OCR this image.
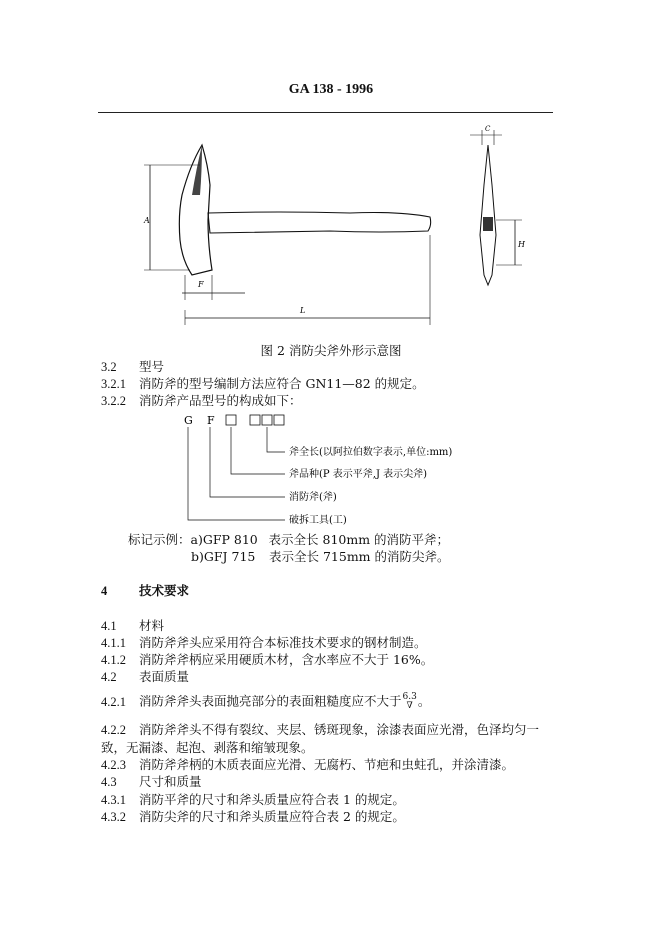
GA 138 - 1996
A
F
L
C
H
图 2 消防尖斧外形示意图
3.2 型号
3.2.1 消防斧的型号编制方法应符合 GN11—82 的规定。
3.2.2 消防斧产品型号的构成如下：
G F
斧全长(以阿拉伯数字表示,单位:mm)
斧品种(P 表示平斧,J 表示尖斧)
消防斧(斧)
破拆工具(工)
标记示例：a)GFP 810 表示全长 810mm 的消防平斧；
b)GFJ 715 表示全长 715mm 的消防尖斧。
4	技术要求
4.1 材料
4.1.1 消防斧斧头应采用符合本标准技术要求的钢材制造。
4.1.2 消防斧斧柄应采用硬质木材，含水率应不大于 16%。
4.2 表面质量
4.2.1 消防斧斧头表面抛亮部分的表面粗糙度应不大于6.3
∇ 。
4.2.2 消防斧斧头不得有裂纹、夹层、锈斑现象，涂漆表面应光滑，色泽均匀一
致，无漏漆、起泡、剥落和缩皱现象。
4.2.3 消防斧斧柄的木质表面应光滑、无腐朽、节疤和虫蛀孔，并涂清漆。
4.3 尺寸和质量
4.3.1 消防平斧的尺寸和斧头质量应符合表 1 的规定。
4.3.2 消防尖斧的尺寸和斧头质量应符合表 2 的规定。
